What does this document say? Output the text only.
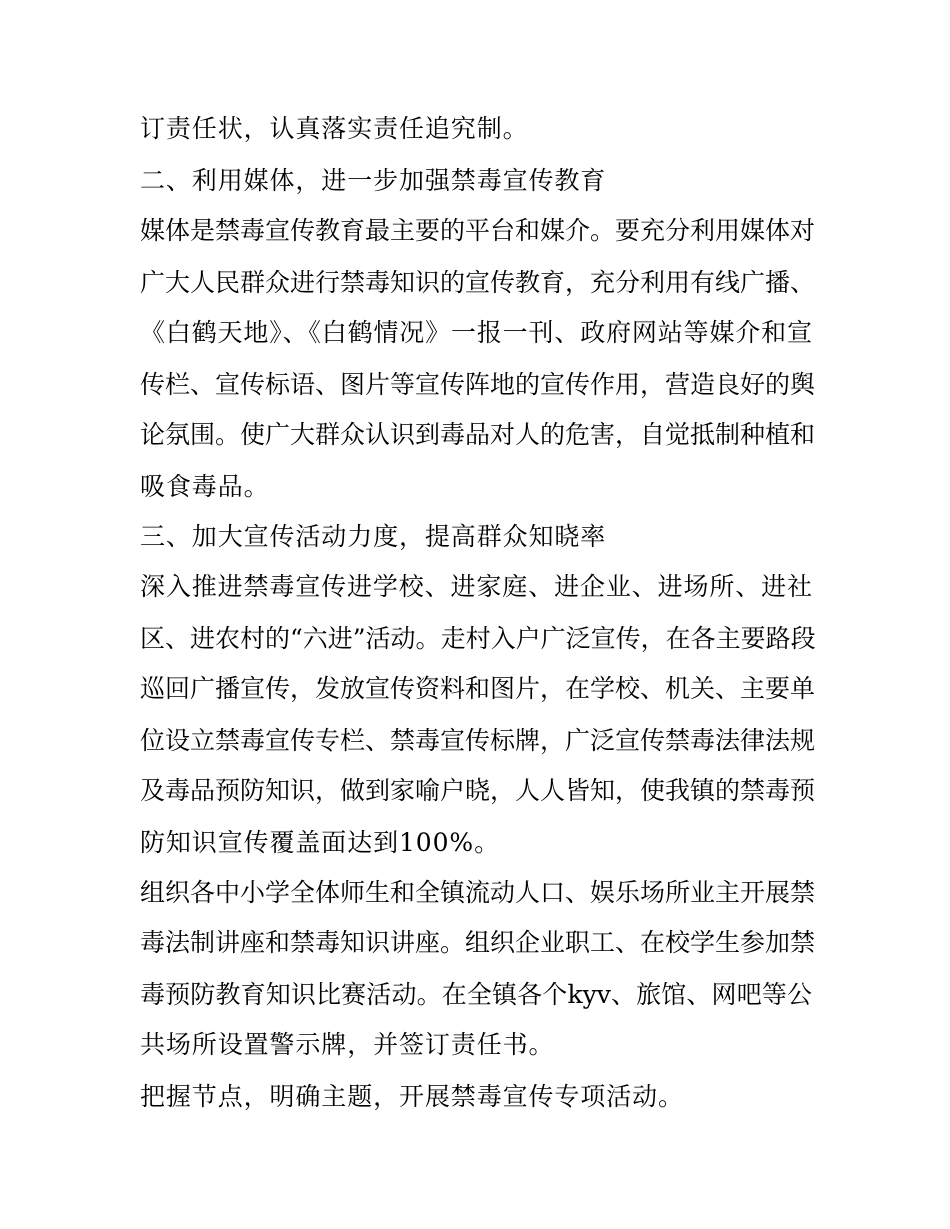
订责任状，认真落实责任追究制。
二、利用媒体，进一步加强禁毒宣传教育
媒体是禁毒宣传教育最主要的平台和媒介。要充分利用媒体对
广大人民群众进行禁毒知识的宣传教育，充分利用有线广播、
《白鹤天地》、《白鹤情况》一报一刊、政府网站等媒介和宣
传栏、宣传标语、图片等宣传阵地的宣传作用，营造良好的舆
论氛围。使广大群众认识到毒品对人的危害，自觉抵制种植和
吸食毒品。
三、加大宣传活动力度，提高群众知晓率
深入推进禁毒宣传进学校、进家庭、进企业、进场所、进社
区、进农村的“六进”活动。走村入户广泛宣传，在各主要路段
巡回广播宣传，发放宣传资料和图片，在学校、机关、主要单
位设立禁毒宣传专栏、禁毒宣传标牌，广泛宣传禁毒法律法规
及毒品预防知识，做到家喻户晓，人人皆知，使我镇的禁毒预
防知识宣传覆盖面达到100%。
组织各中小学全体师生和全镇流动人口、娱乐场所业主开展禁
毒法制讲座和禁毒知识讲座。组织企业职工、在校学生参加禁
毒预防教育知识比赛活动。在全镇各个kyv、旅馆、网吧等公
共场所设置警示牌，并签订责任书。
把握节点，明确主题，开展禁毒宣传专项活动。
